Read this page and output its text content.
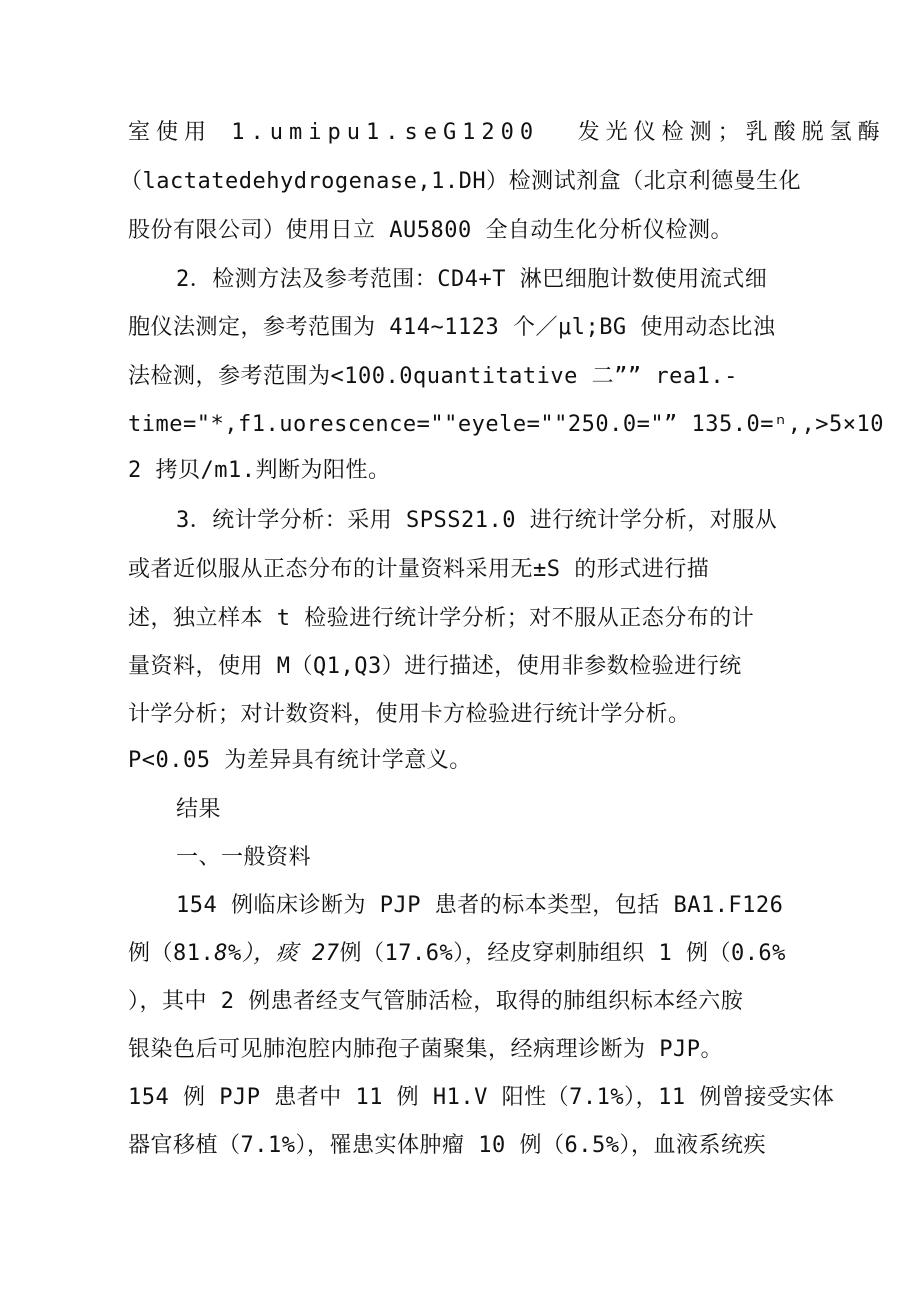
室使用 1.umipu1.seG1200  发光仪检测；乳酸脱氢酶
（lactatedehydrogenase,1.DH）检测试剂盒（北京利德曼生化
股份有限公司）使用日立 AU5800 全自动生化分析仪检测。
2．检测方法及参考范围：CD4+T 淋巴细胞计数使用流式细
胞仪法测定，参考范围为 414~1123 个／μl;BG 使用动态比浊
法检测，参考范围为<100.0quantitative 二”” rea1.-
time="*,f1.uorescence=""eyele=""250.0="” 135.0=ⁿ,,>5×10
2 拷贝/m1.判断为阳性。
3．统计学分析：采用 SPSS21.0 进行统计学分析，对服从
或者近似服从正态分布的计量资料采用无±S 的形式进行描
述，独立样本 t 检验进行统计学分析；对不服从正态分布的计
量资料，使用 M（Q1,Q3）进行描述，使用非参数检验进行统
计学分析；对计数资料，使用卡方检验进行统计学分析。
P<0.05 为差异具有统计学意义。
结果
一、一般资料
154 例临床诊断为 PJP 患者的标本类型，包括 BA1.F126
例（81.8%），痰 27例（17.6%），经皮穿刺肺组织 1 例（0.6%
），其中 2 例患者经支气管肺活检，取得的肺组织标本经六胺
银染色后可见肺泡腔内肺孢子菌聚集，经病理诊断为 PJP。
154 例 PJP 患者中 11 例 H1.V 阳性（7.1%），11 例曾接受实体
器官移植（7.1%），罹患实体肿瘤 10 例（6.5%），血液系统疾
